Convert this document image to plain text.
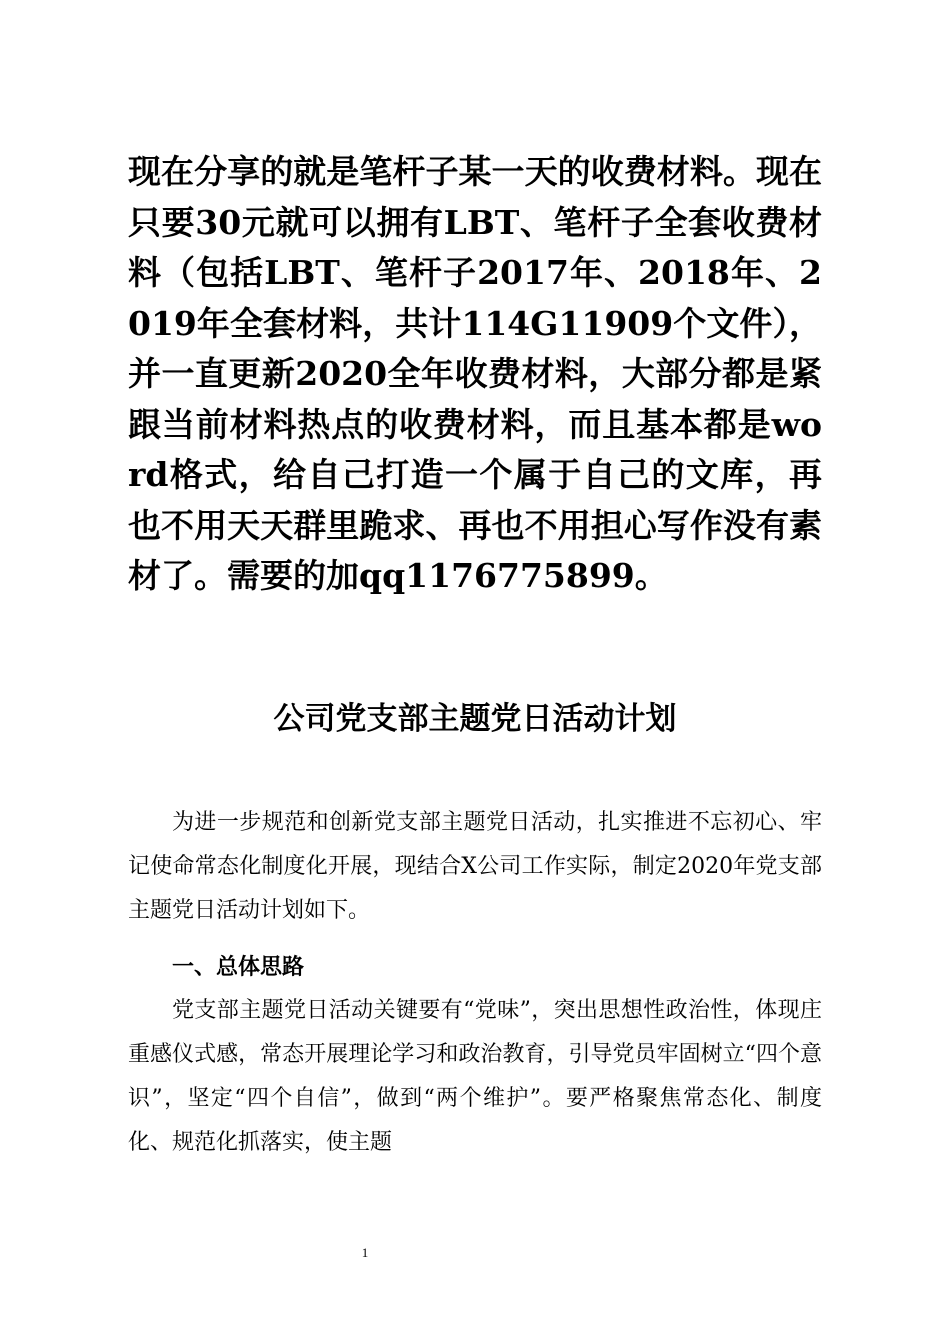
现在分享的就是笔杆子某一天的收费材料。现在只要30元就可以拥有LBT、笔杆子全套收费材料（包括LBT、笔杆子2017年、2018年、2019年全套材料，共计114G11909个文件），并一直更新2020全年收费材料，大部分都是紧跟当前材料热点的收费材料，而且基本都是word格式，给自己打造一个属于自己的文库，再也不用天天群里跪求、再也不用担心写作没有素材了。需要的加qq1176775899。

公司党支部主题党日活动计划

为进一步规范和创新党支部主题党日活动，扎实推进不忘初心、牢记使命常态化制度化开展，现结合X公司工作实际，制定2020年党支部主题党日活动计划如下。

一、总体思路

党支部主题党日活动关键要有“党味”，突出思想性政治性，体现庄重感仪式感，常态开展理论学习和政治教育，引导党员牢固树立“四个意识”，坚定“四个自信”，做到“两个维护”。要严格聚焦常态化、制度化、规范化抓落实，使主题

1
